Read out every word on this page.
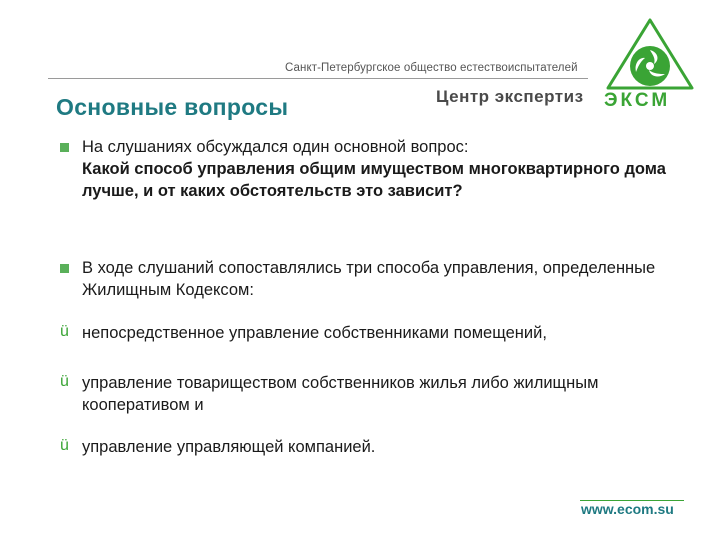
Санкт-Петербургское общество естествоиспытателей
Центр экспертиз ЭКСМ
Основные вопросы
На слушаниях обсуждался один основной вопрос:
Какой способ управления общим имуществом многоквартирного дома лучше, и от каких обстоятельств это зависит?
В ходе слушаний сопоставлялись три способа управления, определенные Жилищным Кодексом:
ü непосредственное управление собственниками помещений,
ü управление товариществом собственников жилья либо жилищным кооперативом и
ü управление управляющей компанией.
www.ecom.su
